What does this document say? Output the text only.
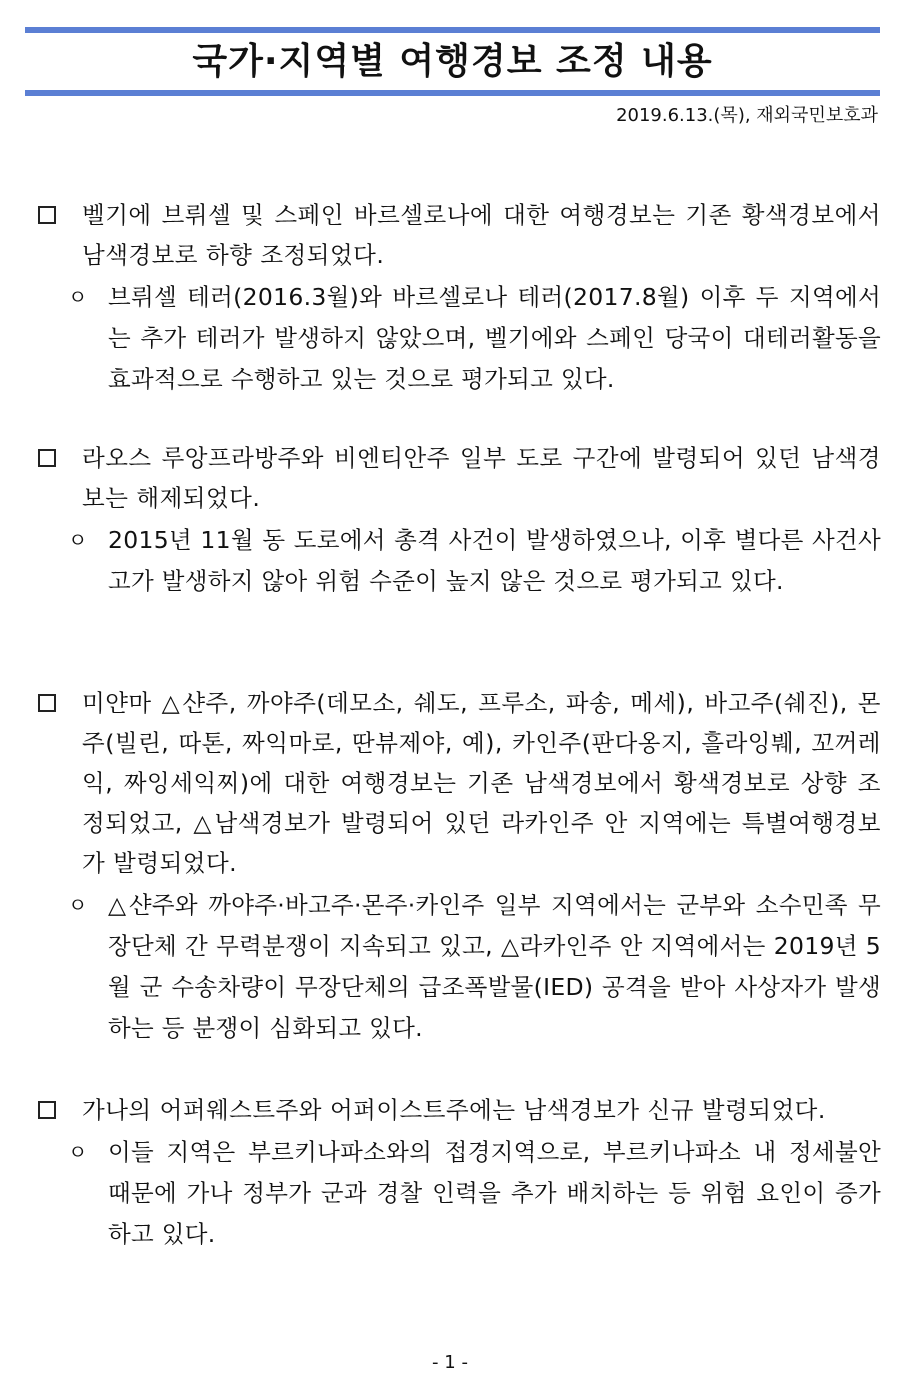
국가·지역별 여행경보 조정 내용
2019.6.13.(목), 재외국민보호과
벨기에 브뤼셀 및 스페인 바르셀로나에 대한 여행경보는 기존 황색경보에서 남색경보로 하향 조정되었다.
ㅇ 브뤼셀 테러(2016.3월)와 바르셀로나 테러(2017.8월) 이후 두 지역에서는 추가 테러가 발생하지 않았으며, 벨기에와 스페인 당국이 대테러활동을 효과적으로 수행하고 있는 것으로 평가되고 있다.
라오스 루앙프라방주와 비엔티안주 일부 도로 구간에 발령되어 있던 남색경보는 해제되었다.
ㅇ 2015년 11월 동 도로에서 총격 사건이 발생하였으나, 이후 별다른 사건사고가 발생하지 않아 위험 수준이 높지 않은 것으로 평가되고 있다.
미얀마 △샨주, 까야주(데모소, 쉐도, 프루소, 파송, 메세), 바고주(쉐진), 몬주(빌린, 따톤, 짜익마로, 딴뷰제야, 예), 카인주(판다옹지, 흘라잉붸, 꼬꺼레익, 짜잉세익찌)에 대한 여행경보는 기존 남색경보에서 황색경보로 상향 조정되었고, △남색경보가 발령되어 있던 라카인주 안 지역에는 특별여행경보가 발령되었다.
ㅇ △샨주와 까야주·바고주·몬주·카인주 일부 지역에서는 군부와 소수민족 무장단체 간 무력분쟁이 지속되고 있고, △라카인주 안 지역에서는 2019년 5월 군 수송차량이 무장단체의 급조폭발물(IED) 공격을 받아 사상자가 발생하는 등 분쟁이 심화되고 있다.
가나의 어퍼웨스트주와 어퍼이스트주에는 남색경보가 신규 발령되었다.
ㅇ 이들 지역은 부르키나파소와의 접경지역으로, 부르키나파소 내 정세불안 때문에 가나 정부가 군과 경찰 인력을 추가 배치하는 등 위험 요인이 증가하고 있다.
- 1 -
